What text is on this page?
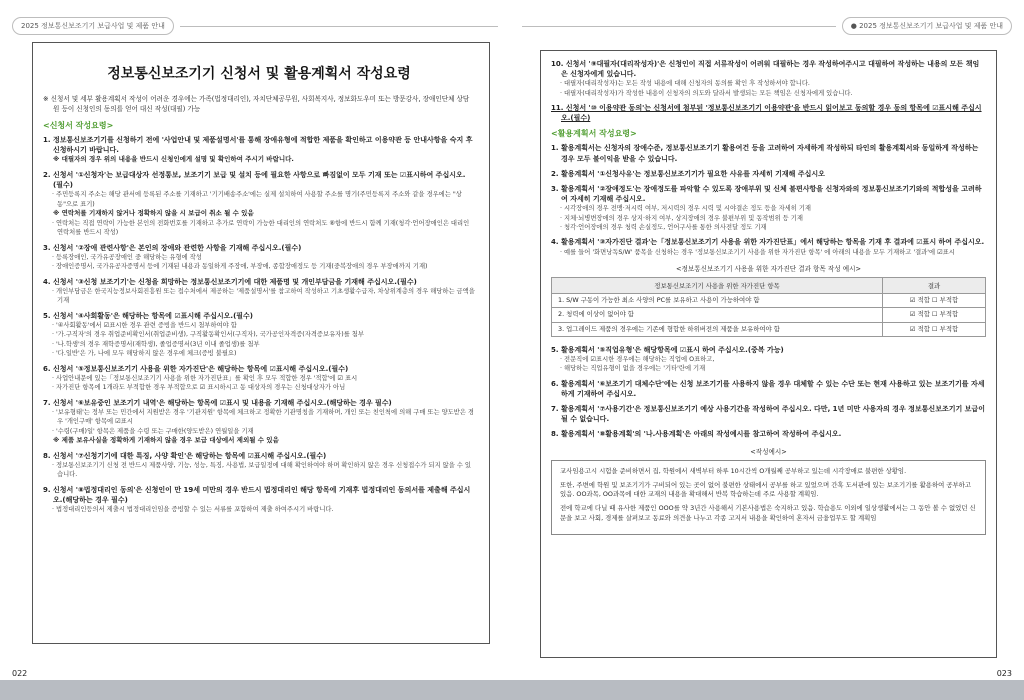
2025 정보통신보조기기 보급사업 및 제품 안내	● 2025 정보통신보조기기 보급사업 및 제품 안내
정보통신보조기기 신청서 및 활용계획서 작성요령

※ 신청서 및 세부 활용계획서 작성이 어려운 경우에는 가족(법정대리인), 자치단체공무원, 사회복지사, 정보화도우미 또는 방문강사, 장애인단체 상담원 등이 신청인의 동의를 얻어 대신 작성(대필) 가능

<신청서 작성요령>

1. 정보통신보조기기를 신청하기 전에 '사업안내 및 제품설명서'를 통해 장애유형에 적합한 제품을 확인하고 이용약관 등 안내사항을 숙지 후 신청하시기 바랍니다.

※ 대필자의 경우 위의 내용을 반드시 신청인에게 설명 및 확인하여 주시기 바랍니다.

2. 신청서 '①신청자'는 보급대상자 선정통보, 보조기기 보급 및 설치 등에 필요한 사항으로 빠짐없이 모두 기재 또는 ☑표시하여 주십시오.(필수)

· 주민등록지 주소는 해당 관서에 등록된 주소를 기재하고 '기기배송주소'에는 실제 설치하여 사용할 주소를 명기(주민등록지 주소와 같을 경우에는 "상동"으로 표기)

※ 연락처를 기재하지 않거나 정확하지 않을 시 보급이 취소 될 수 있음

· 연락처는 직접 연락이 가능한 본인의 전화번호를 기재하고 추가로 연락이 가능한 대리인의 연락처도 ⑧항에 반드시 함께 기재(청각·언어장애인은 대리인 연락처를 반드시 작성)

3. 신청서 '②장애 관련사항'은 본인의 장애와 관련한 사항을 기재해 주십시오.(필수)

· 등록장애인, 국가유공장애인 중 해당하는 유형에 작성

· 장애인증명서, 국가유공자증명서 등에 기재된 내용과 동일하게 주장애, 부장애, 종합장애정도 등 기재(중복장애의 경우 부장애까지 기재)

4. 신청서 '③신청 보조기기'는 신청을 희망하는 정보통신보조기기에 대한 제품명 및 개인부담금을 기재해 주십시오.(필수)

· 개인부담금은 한국지능정보사회진흥원 또는 접수처에서 제공하는 '제품설명서'를 참고하여 작성하고 기초생활수급자, 차상위계층의 경우 해당하는 금액을 기재

5. 신청서 '④사회활동'은 해당하는 항목에 ☑표시해 주십시오.(필수)

· '④사회활동'에서 ☑표시한 경우 관련 증빙을 반드시 첨부하여야 함

· '가.구직자'의 경우 취업준비확인서(취업준비생), 구직활동확인서(구직자), 국가공인자격증(자격증보유자)를 첨부

· '나.학생'의 경우 재학증명서(재학생), 졸업증명서(3년 이내 졸업생)를 첨부

· '다.일반'은 가, 나에 모두 해당하지 않은 경우에 체크(증빙 불필요)

6. 신청서 '⑤정보통신보조기기 사용을 위한 자가진단'은 해당하는 항목에 ☑표시해 주십시오.(필수)

· 사업안내문에 있는「정보통신보조기기 사용을 위한 자가진단표」를 확인 후 모두 적합한 경우 '적합'에 ☑ 표시

· 자가진단 항목에 1개라도 부적합한 경우 부적합으로 ☑ 표시하시고 동 대상자의 경우는 신청대상자가 아님

7. 신청서 '⑥보유중인 보조기기 내역'은 해당하는 항목에 ☑표시 및 내용을 기재해 주십시오.(해당하는 경우 필수)

· '보유형태'는 정부 또는 민간에서 지원받은 경우 '기관지원' 항목에 체크하고 정확한 기관명칭을 기재하며, 개인 또는 친인척에 의해 구매 또는 양도받은 경우 '개인구매' 항목에 ☑표시

· '수령(구매)일' 항목은 제품을 수령 또는 구매한(양도받은) 연월일을 기재

※ 제품 보유사실을 정확하게 기재하지 않을 경우 보급 대상에서 제외될 수 있음

8. 신청서 '⑦신청기기에 대한 특징, 사양 확인'은 해당하는 항목에 ☑표시해 주십시오.(필수)

· 정보통신보조기기 신청 전 반드시 제품사양, 기능, 성능, 특징, 사용법, 보급일정에 대해 확인하여야 하며 확인하지 않은 경우 신청접수가 되지 않을 수 있습니다.

9. 신청서 '⑧법정대리인 동의'은 신청인이 만 19세 미만의 경우 반드시 법정대리인 해당 항목에 기재후 법정대리인 동의서를 제출해 주십시오.(해당하는 경우 필수)

· 법정대리인등의서 제출시 법정대리인임을 증빙할 수 있는 서류를 포함하여 제출 하여주시기 바랍니다.

10. 신청서 '⑨대필자(대리작성자)'은 신청인이 직접 서류작성이 어려워 대필하는 경우 작성하여주시고 대필하여 작성하는 내용의 모든 책임은 신청자에게 있습니다.

· 대필자(대리작성자)는 모든 작성 내용에 대해 신청자의 동의를 확인 후 작성하셔야 합니다.

· 대필자(대리작성자)가 작성한 내용이 신청자의 의도와 달라서 발생되는 모든 책임은 신청자에게 있습니다.

11. 신청서 '⑩ 이용약관 동의'는 신청서에 첨부된 '정보통신보조기기 이용약관'을 반드시 읽어보고 동의할 경우 동의 항목에 ☑표시해 주십시오.(필수)

<활용계획서 작성요령>

1. 활용계획서는 신청자의 장애수준, 정보통신보조기기 활용여건 등을 고려하여 자세하게 작성하되 타인의 활용계획서와 동일하게 작성하는 경우 모두 불이익을 받을 수 있습니다.

2. 활용계획서 '①신청사유'는 정보통신보조기기가 필요한 사유를 자세히 기재해 주십시오

3. 활용계획서 '②장애정도'는 장애정도를 파악할 수 있도록 장애부위 및 신체 불편사항을 신청자와의 정보통신보조기기와의 적합성을 고려하여 자세히 기재해 주십시오.

· 시각장애의 경우 전맹·저시력 여부, 저시력의 경우 시력 및 시야결손 정도 등을 자세히 기재

· 지체·뇌병변장애의 경우 상지·하지 여부, 상지장애의 경우 불편부위 및 동작범위 등 기재

· 청각·언어장애의 경우 청력 손실정도, 언어구사를 통한 의사전달 정도 기재

4. 활용계획서 '③자가진단 결과'는「정보통신보조기기 사용을 위한 자가진단표」에서 해당하는 항목을 기재 후 결과에 ☑표시 하여 주십시오.

· 예를 들어 '화면낭독S/W' 품목을 신청하는 경우 '정보통신보조기기 사용을 위한 자가진단 항목' 에 아래의 내용을 모두 기재하고 '결과'에 ☑표시

<정보통신보조기기 사용을 위한 자가진단 결과 항목 작성 예시>
정보통신보조기기 사용을 위한 자가진단 항목	결과
1. S/W 구동이 가능한 최소 사양의 PC를 보유하고 사용이 가능하여야 함	☑ 적합 ☐ 부적합
2. 청력에 이상이 없어야 함	☑ 적합 ☐ 부적합
3. 업그레이드 제품의 경우에는 기존에 형합한 하위버전의 제품을 보유하여야 함	☑ 적합 ☐ 부적합

5. 활용계획서 '⑤직업유형'은 해당항목에 ☑표시 하여 주십시오.(중복 가능)

· 전문직에 ☑표시한 경우에는 해당하는 직업에 O표하고,

· 해당하는 직업유형이 없을 경우에는 '기타'란에 기재

6. 활용계획서 '⑥보조기기 대체수단'에는 신청 보조기기를 사용하지 않을 경우 대체할 수 있는 수단 또는 현재 사용하고 있는 보조기기를 자세하게 기재하여 주십시오.

7. 활용계획서 '⑦사용기간'은 정보통신보조기기 예상 사용기간을 작성하여 주십시오. 다만, 1년 미만 사용자의 경우 정보통신보조기기 보급이 될 수 없습니다.

8. 활용계획서 '⑧활용계획'의 '나.사용계획'은 아래의 작성예시를 참고하여 작성하여 주십시오.

<작성예시>

교사임용고시 시험을 준비하면서 집, 학원에서 새벽부터 하루 10시간씩 O개월째 공부하고 있는데 시각장애로 불편한 상황임.

또한, 주변에 학원 및 보조기기가 구비되어 있는 곳이 없어 불편한 상태에서 공부를 하고 있었으며 간혹 도서관에 있는 보조기기를 활용하여 공부하고 있음. OO과목, OO과목에 대한 교재의 내용을 확대해서 반복 학습하는데 주로 사용할 계획임.

전에 학교에 다닐 때 유사한 제품인 OOO를 약 3년간 사용해서 기본사용법은 숙지하고 있음. 학습용도 이외에 일상생활에서는 그 동안 볼 수 없었던 신문을 보고 사회, 경제를 살펴보고 동료와 의견을 나누고 각종 고지서 내용을 확인하여 혼자서 금융업무도 할 계획임

022	023
